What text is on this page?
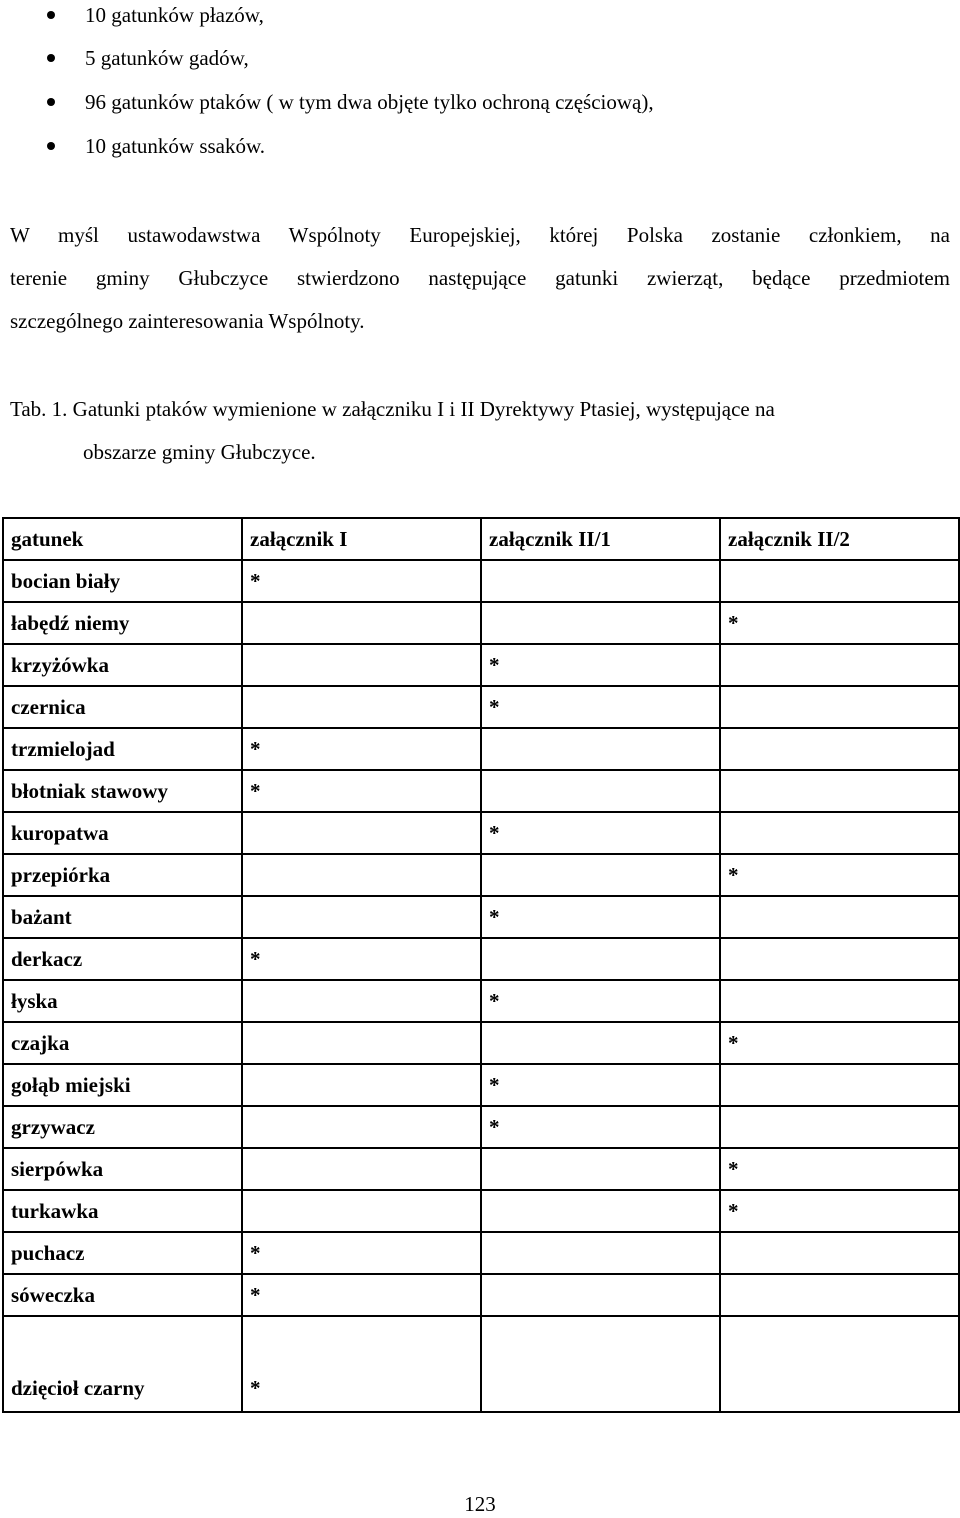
10 gatunków płazów,
5 gatunków gadów,
96 gatunków ptaków ( w tym dwa objęte tylko ochroną częściową),
10 gatunków ssaków.
W myśl ustawodawstwa Wspólnoty Europejskiej, której Polska zostanie członkiem, na
terenie gminy Głubczyce stwierdzono następujące gatunki zwierząt, będące przedmiotem
szczególnego zainteresowania Wspólnoty.
Tab. 1. Gatunki ptaków wymienione w załączniku I i II Dyrektywy Ptasiej, występujące na
obszarze gminy Głubczyce.
gatunek	załącznik I	załącznik II/1	załącznik II/2
bocian biały	*		
łabędź niemy			*
krzyżówka		*	
czernica		*	
trzmielojad	*		
błotniak stawowy	*		
kuropatwa		*	
przepiórka			*
bażant		*	
derkacz	*		
łyska		*	
czajka			*
gołąb miejski		*	
grzywacz		*	
sierpówka			*
turkawka			*
puchacz	*		
sóweczka	*		
dzięcioł czarny	*		
123
